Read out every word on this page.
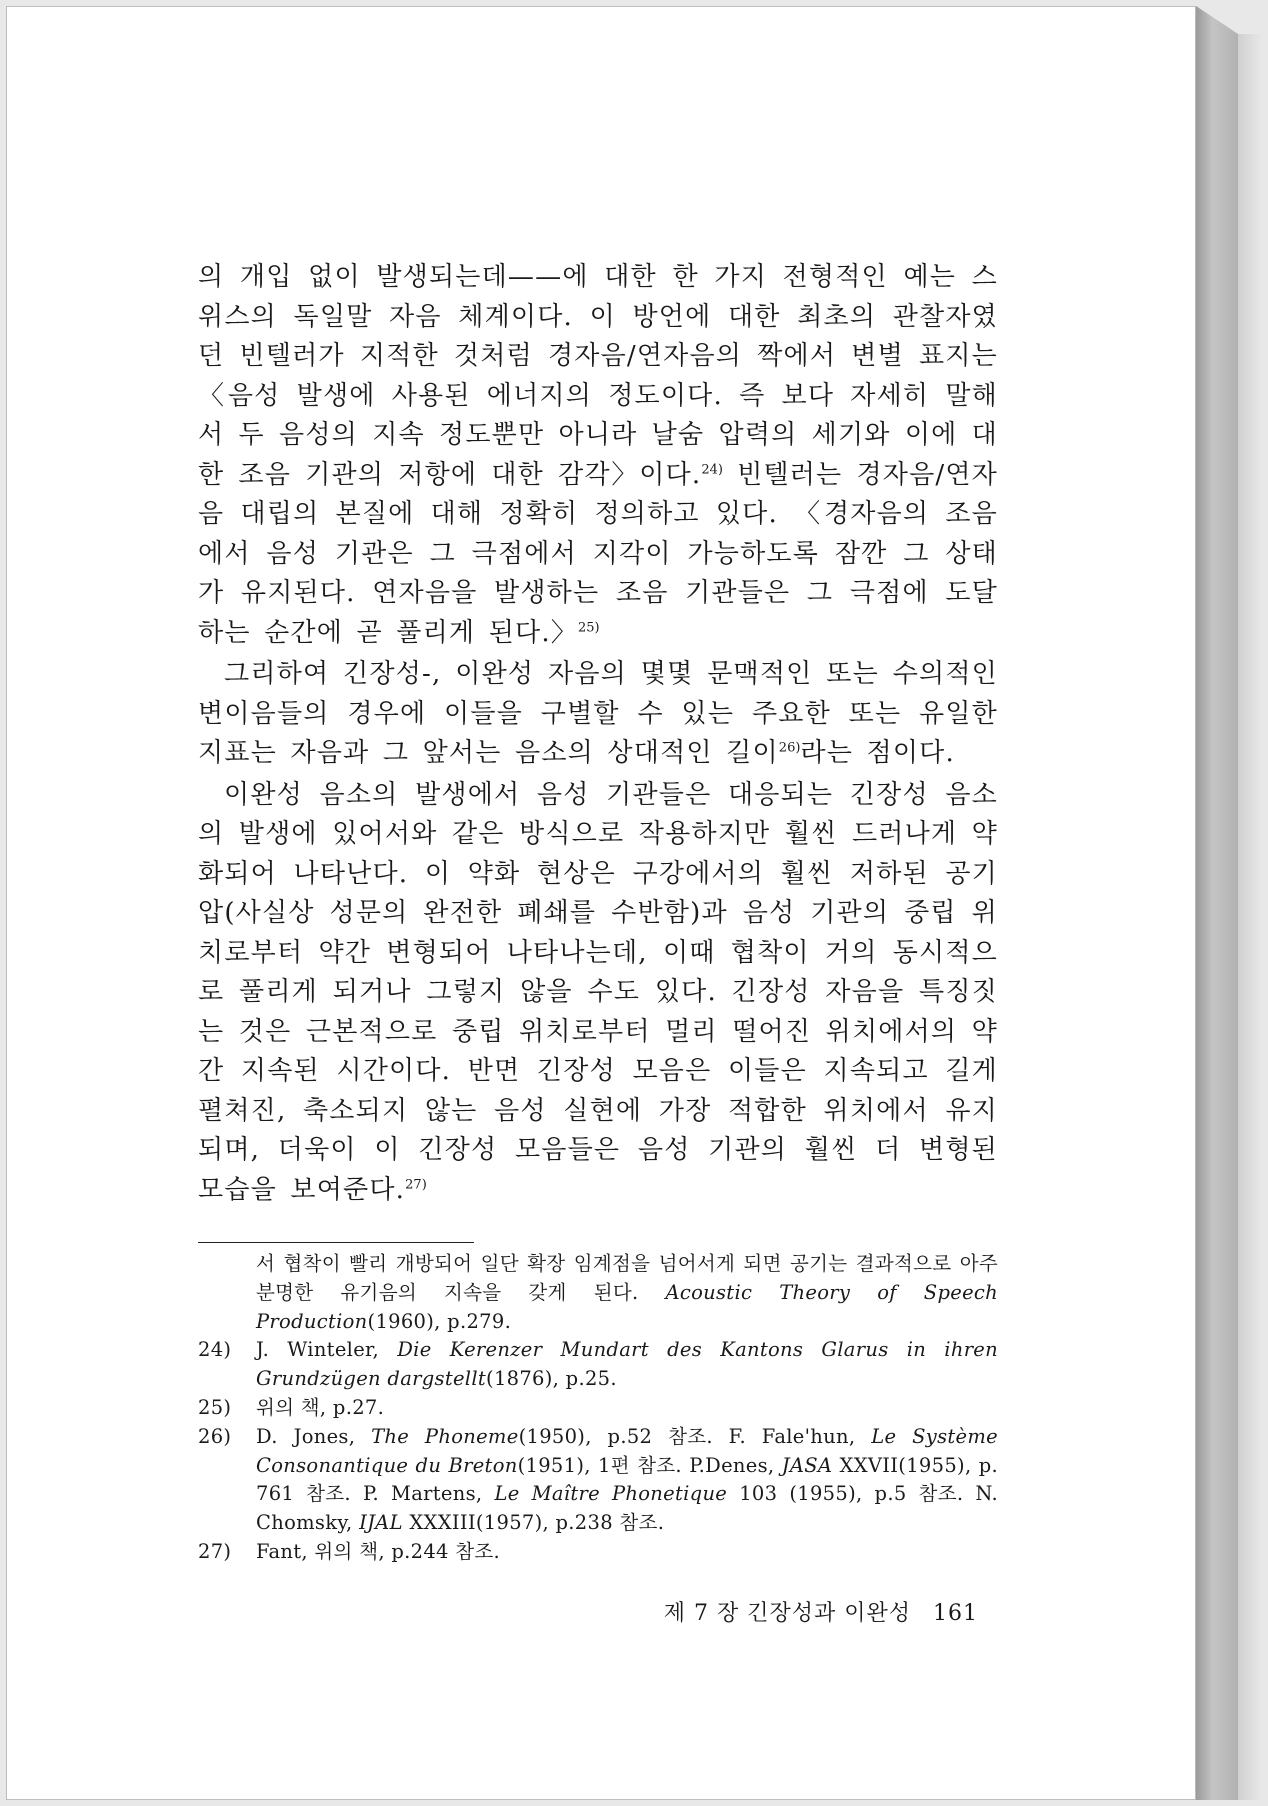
의 개입 없이 발생되는데——에 대한 한 가지 전형적인 예는 스위스의 독일말 자음 체계이다. 이 방언에 대한 최초의 관찰자였던 빈텔러가 지적한 것처럼 경자음/연자음의 짝에서 변별 표지는 〈음성 발생에 사용된 에너지의 정도이다. 즉 보다 자세히 말해서 두 음성의 지속 정도뿐만 아니라 날숨 압력의 세기와 이에 대한 조음 기관의 저항에 대한 감각〉이다.$^{24)}$ 빈텔러는 경자음/연자음 대립의 본질에 대해 정확히 정의하고 있다. 〈경자음의 조음에서 음성 기관은 그 극점에서 지각이 가능하도록 잠깐 그 상태가 유지된다. 연자음을 발생하는 조음 기관들은 그 극점에 도달하는 순간에 곧 풀리게 된다.〉$^{25)}$

그리하여 긴장성-, 이완성 자음의 몇몇 문맥적인 또는 수의적인 변이음들의 경우에 이들을 구별할 수 있는 주요한 또는 유일한 지표는 자음과 그 앞서는 음소의 상대적인 길이$^{26)}$라는 점이다.

이완성 음소의 발생에서 음성 기관들은 대응되는 긴장성 음소의 발생에 있어서와 같은 방식으로 작용하지만 훨씬 드러나게 약화되어 나타난다. 이 약화 현상은 구강에서의 훨씬 저하된 공기압(사실상 성문의 완전한 폐쇄를 수반함)과 음성 기관의 중립 위치로부터 약간 변형되어 나타나는데, 이때 협착이 거의 동시적으로 풀리게 되거나 그렇지 않을 수도 있다. 긴장성 자음을 특징짓는 것은 근본적으로 중립 위치로부터 멀리 떨어진 위치에서의 약간 지속된 시간이다. 반면 긴장성 모음은 이들은 지속되고 길게 펼쳐진, 축소되지 않는 음성 실현에 가장 적합한 위치에서 유지되며, 더욱이 이 긴장성 모음들은 음성 기관의 훨씬 더 변형된 모습을 보여준다.$^{27)}$

서 협착이 빨리 개방되어 일단 확장 임계점을 넘어서게 되면 공기는 결과적으로 아주 분명한 유기음의 지속을 갖게 된다. Acoustic Theory of Speech Production(1960), p.279.
24)	J. Winteler, Die Kerenzer Mundart des Kantons Glarus in ihren Grundzügen dargstellt(1876), p.25.
25)	위의 책, p.27.
26)	D. Jones, The Phoneme(1950), p.52 참조. F. Fale'hun, Le Système Consonantique du Breton(1951), 1편 참조. P.Denes, JASA XXVII(1955), p. 761 참조. P. Martens, Le Maître Phonetique 103 (1955), p.5 참조. N. Chomsky, IJAL XXXIII(1957), p.238 참조.
27)	Fant, 위의 책, p.244 참조.
제 7 장 긴장성과 이완성 161
